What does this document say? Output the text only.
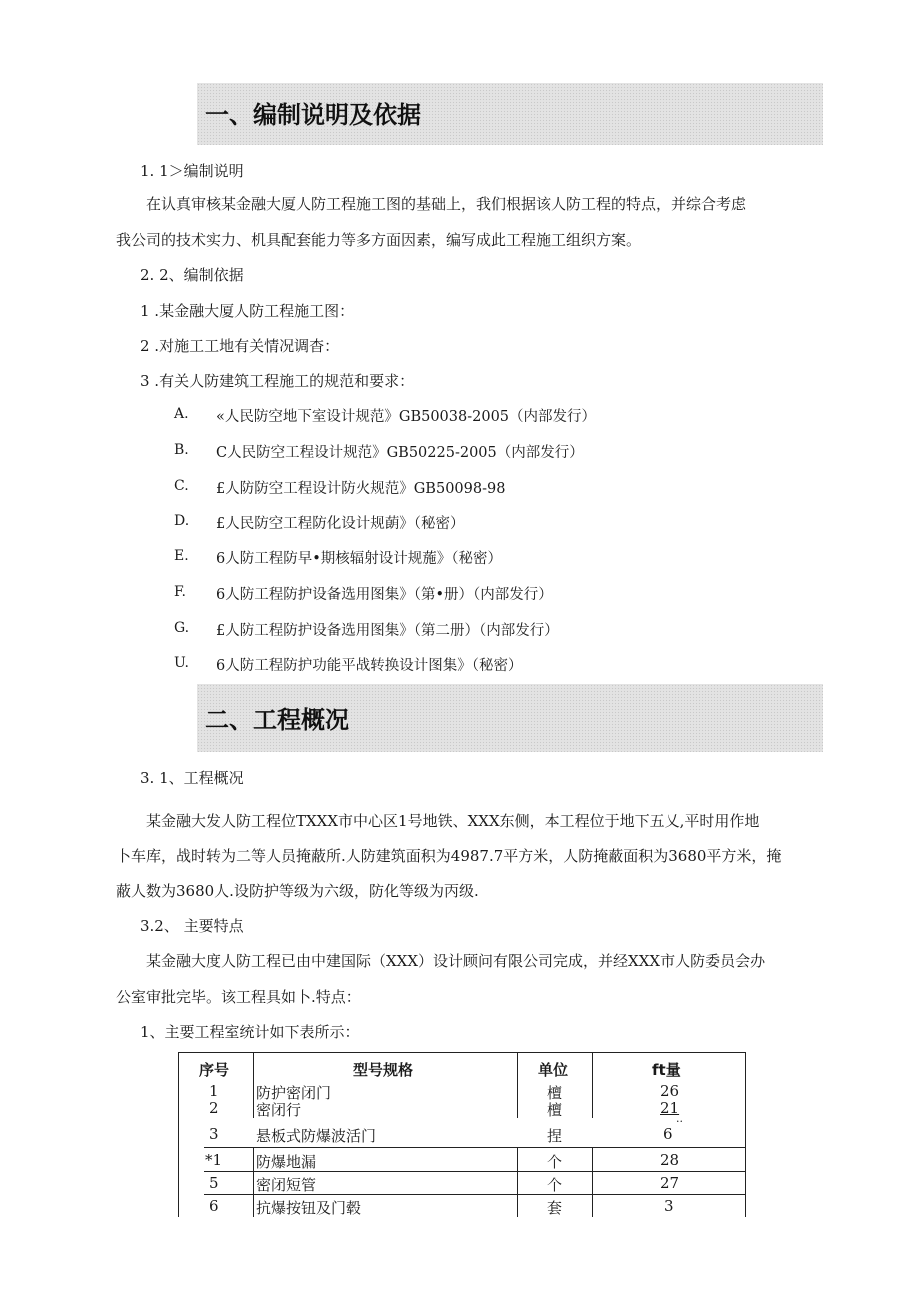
一、编制说明及依据
1. 1＞编制说明
在认真审核某金融大厦人防工程施工图的基础上，我们根据该人防工程的特点，并综合考虑
我公司的技术实力、机具配套能力等多方面因素，编写成此工程施工组织方案。
2. 2、编制依据
1 .某金融大厦人防工程施工图：
2 .对施工工地有关情况调杳：
3 .有关人防建筑工程施工的规范和要求：
A. «人民防空地下室设计规范》GB50038-2005（内部发行）
B. C人民防空工程设计规范》GB50225-2005（内部发行）
C. £人防防空工程设计防火规范》GB50098-98
D. £人民防空工程防化设计规蓢》（秘密）
E. 6人防工程防早•期核辐射设计规葹》（秘密）
F. 6人防工程防护设备选用图集》（第•册）（内部发行）
G. £人防工程防护设备选用图集》（第二册）（内部发行）
U. 6人防工程防护功能平战转换设计图集》（秘密）
二、工程概况
3. 1、工程概况
某金融大发人防工程位TXXX市中心区1号地铁、XXX东侧，本工程位于地下五乂,平时用作地
卜车库，战时转为二等人员掩蔽所.人防建筑面积为4987.7平方米，人防掩蔽面积为3680平方米，掩
蔽人数为3680人.设防护等级为六级，防化等级为丙级.
3.2、 主要特点
某金融大度人防工程已由中建国际（XXX）设计顾问有限公司完成，并经XXX市人防委员会办
公室审批完毕。该工程具如卜.特点：
1、主要工程室统计如下表所示：
序号	型号规格	单位	ft量
1 防护密闭门	檀	26
2 密闭行	檀	21
3 悬板式防爆波活门	捏	6
··
*1 防爆地漏	个	28
5 密闭短管	个	27
6 抗爆按钮及门毂	套	3
